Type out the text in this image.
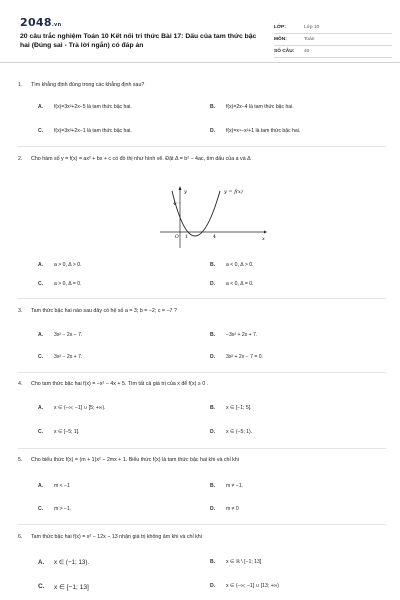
2048.vn
20 câu trắc nghiệm Toán 10 Kết nối tri thức Bài 17: Dấu của tam thức bậc hai (Đúng sai - Trả lời ngắn) có đáp án
LỚP:	Lớp 10
MÔN:	Toán
SỐ CÂU:	40
1.	Tìm khẳng định đúng trong các khẳng định sau?
A.	f(x)=3x²+2x−5 là tam thức bậc hai.	B.	f(x)=2x−4 là tam thức bậc hai.
C.	f(x)=3x³+2x−1 là tam thức bậc hai.	D.	f(x)=x⁴−x²+1 là tam thức bậc hai.
2.	Cho hàm số y = f(x) = ax² + bx + c có đồ thị như hình vẽ. Đặt Δ = b² − 4ac, tìm dấu của a và Δ
y
x
O 1	4
4
y = f(x)
A.	a > 0, Δ > 0.	B.	a < 0, Δ > 0.
C.	a > 0, Δ = 0.	D.	a < 0, Δ = 0.
3.	Tam thức bậc hai nào sau đây có hệ số a = 3; b = −2; c = −7 ?
A.	3x² − 2x − 7.	B.	−3x² + 2x + 7.
C.	3x² − 2x + 7.	D.	3x² + 2x − 7 = 0.
4.	Cho tam thức bậc hai f(x) = −x² − 4x + 5. Tìm tất cả giá trị của x để f(x) ≥ 0 .
A.	x ∈ (−∞; −1] ∪ [5; +∞).	B.	x ∈ [−1; 5].
C.	x ∈ [−5; 1].	D.	x ∈ (−5; 1).
5.	Cho biểu thức f(x) = (m + 1)x² − 2mx + 1. Biểu thức f(x) là tam thức bậc hai khi và chỉ khi
A.	m < −1	B.	m ≠ −1.
C.	m > −1.	D.	m ≠ 0
6.	Tam thức bậc hai f(x) = x² − 12x − 13 nhận giá trị không âm khi và chỉ khi
A.	x ∈ (−1; 13).	B.	x ∈ ℝ \ [−1; 13]
C.	x ∈ [−1; 13]	D.	x ∈ (−∞; −1] ∪ [13; +∞)
